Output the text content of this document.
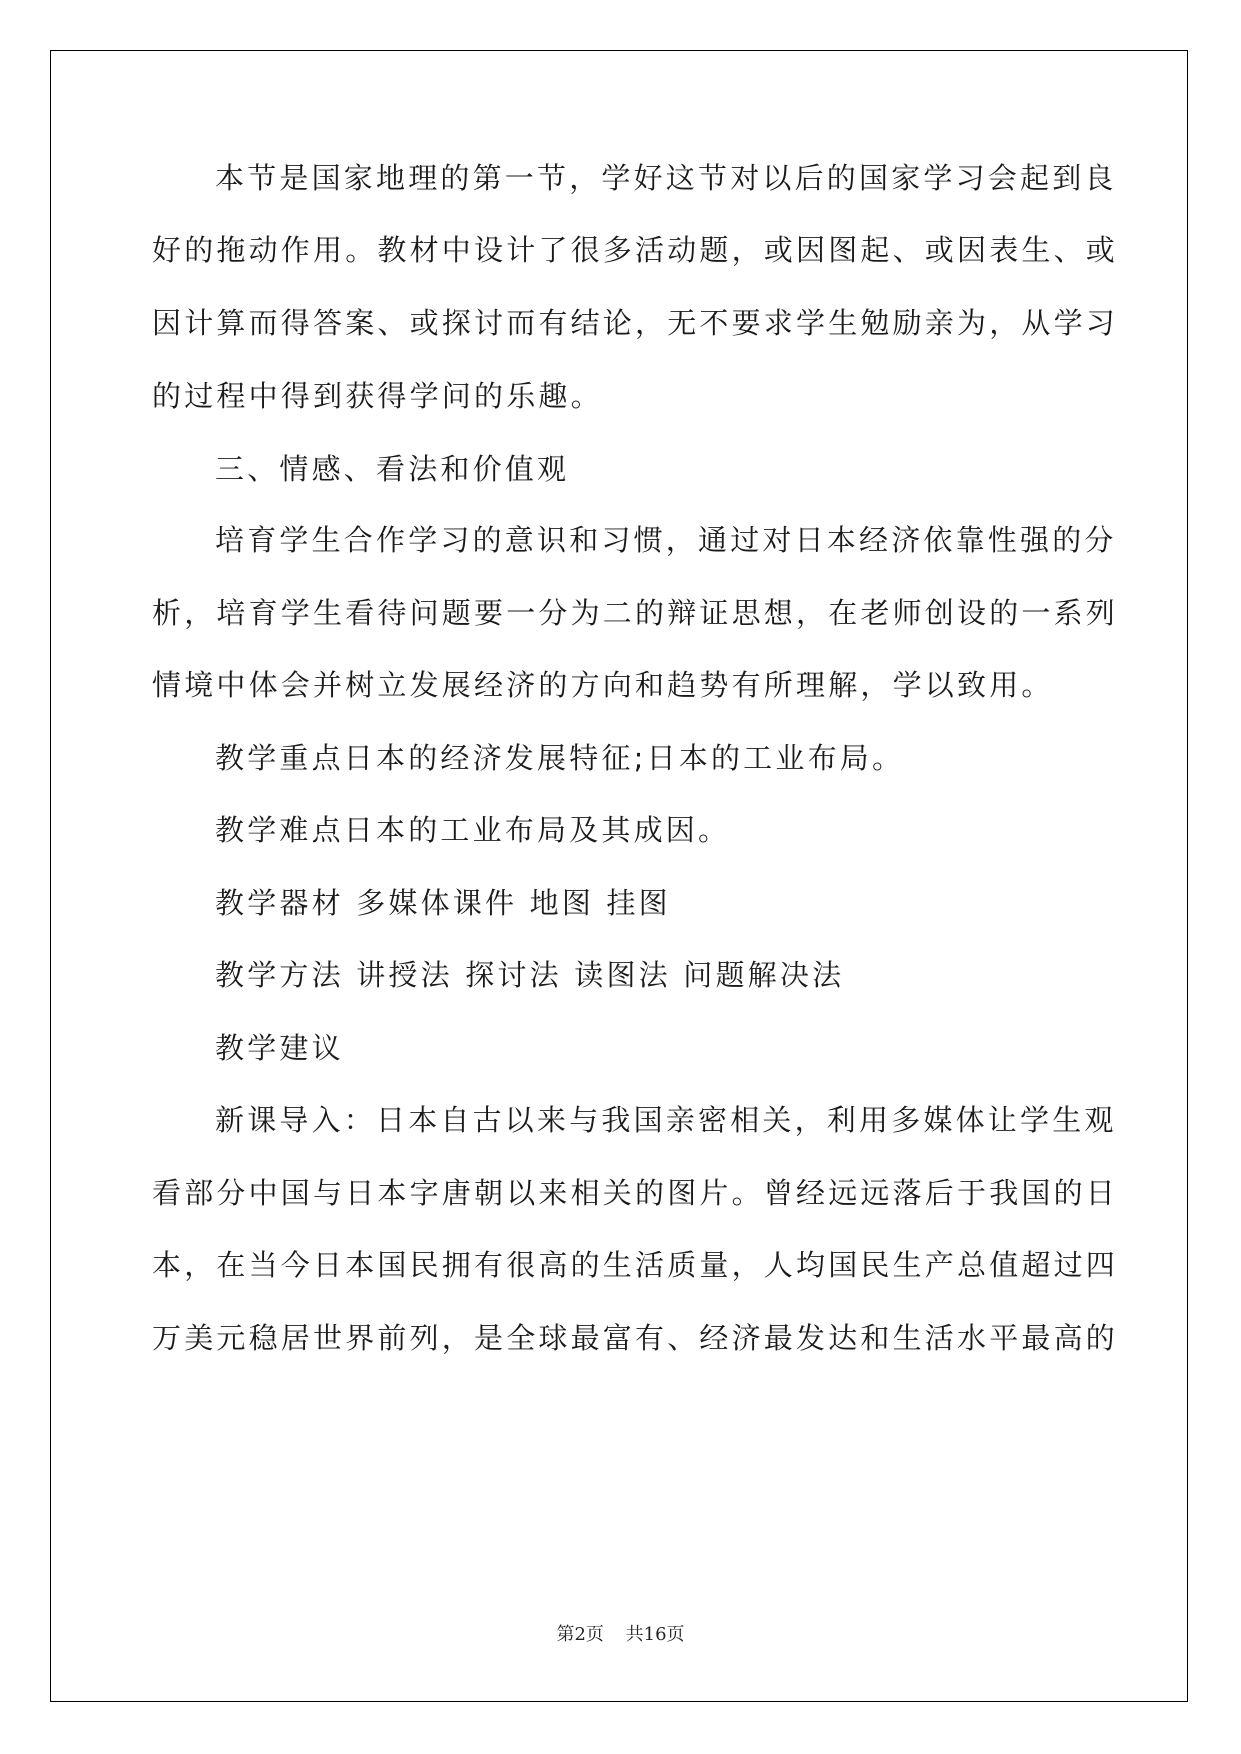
本节是国家地理的第一节，学好这节对以后的国家学习会起到良
好的拖动作用。教材中设计了很多活动题，或因图起、或因表生、或
因计算而得答案、或探讨而有结论，无不要求学生勉励亲为，从学习
的过程中得到获得学问的乐趣。
三、情感、看法和价值观
培育学生合作学习的意识和习惯，通过对日本经济依靠性强的分
析，培育学生看待问题要一分为二的辩证思想，在老师创设的一系列
情境中体会并树立发展经济的方向和趋势有所理解，学以致用。
教学重点日本的经济发展特征;日本的工业布局。
教学难点日本的工业布局及其成因。
教学器材 多媒体课件 地图 挂图
教学方法 讲授法 探讨法 读图法 问题解决法
教学建议
新课导入：日本自古以来与我国亲密相关，利用多媒体让学生观
看部分中国与日本字唐朝以来相关的图片。曾经远远落后于我国的日
本，在当今日本国民拥有很高的生活质量，人均国民生产总值超过四
万美元稳居世界前列，是全球最富有、经济最发达和生活水平最高的
第2页 共16页
